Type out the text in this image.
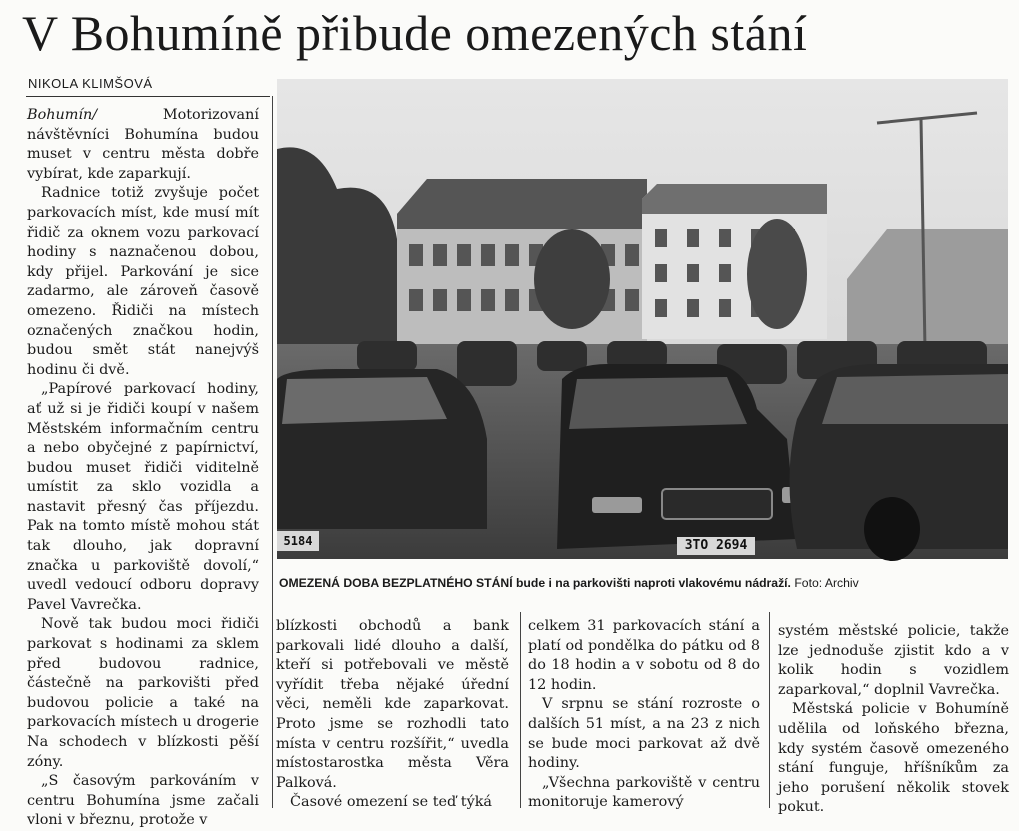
V Bohumíně přibude omezených stání
NIKOLA KLIMŠOVÁ

Bohumín/	Motorizovaní návštěvníci Bohumína budou muset v centru města dobře vybírat, kde zaparkují.

Radnice totiž zvyšuje počet parkovacích míst, kde musí mít řidič za oknem vozu parkovací hodiny s naznačenou dobou, kdy přijel. Parkování je sice zadarmo, ale zároveň časově omezeno. Řidiči na místech označených značkou hodin, budou smět stát nanejvýš hodinu či dvě.

„Papírové parkovací hodiny, ať už si je řidiči koupí v našem Městském informačním centru a nebo obyčejné z papírnictví, budou muset řidiči viditelně umístit za sklo vozidla a nastavit přesný čas příjezdu. Pak na tomto místě mohou stát tak dlouho, jak dopravní značka u parkoviště dovolí,“ uvedl vedoucí odboru dopravy Pavel Vavrečka.

Nově tak budou moci řidiči parkovat s hodinami za sklem před budovou radnice, částečně na parkovišti před budovou policie a také na parkovacích místech u drogerie Na schodech v blízkosti pěší zóny.

„S časovým parkováním v centru Bohumína jsme začali vloni v březnu, protože v

3TO 2694
5184
OMEZENÁ DOBA BEZPLATNÉHO STÁNÍ bude i na parkovišti naproti vlakovému nádraží. Foto: Archiv

blízkosti obchodů a bank parkovali lidé dlouho a další, kteří si potřebovali ve městě vyřídit třeba nějaké úřední věci, neměli kde zaparkovat. Proto jsme se rozhodli tato místa v centru rozšířit,“ uvedla místostarostka města Věra Palková.

Časové omezení se teď týká

celkem 31 parkovacích stání a platí od pondělka do pátku od 8 do 18 hodin a v sobotu od 8 do 12 hodin.

V srpnu se stání rozroste o dalších 51 míst, a na 23 z nich se bude moci parkovat až dvě hodiny.

„Všechna parkoviště v centru monitoruje kamerový

systém městské policie, takže lze jednoduše zjistit kdo a v kolik hodin s vozidlem zaparkoval,“ doplnil Vavrečka.

Městská policie v Bohumíně udělila od loňského března, kdy systém časově omezeného stání funguje, hříšníkům za jeho porušení několik stovek pokut.
